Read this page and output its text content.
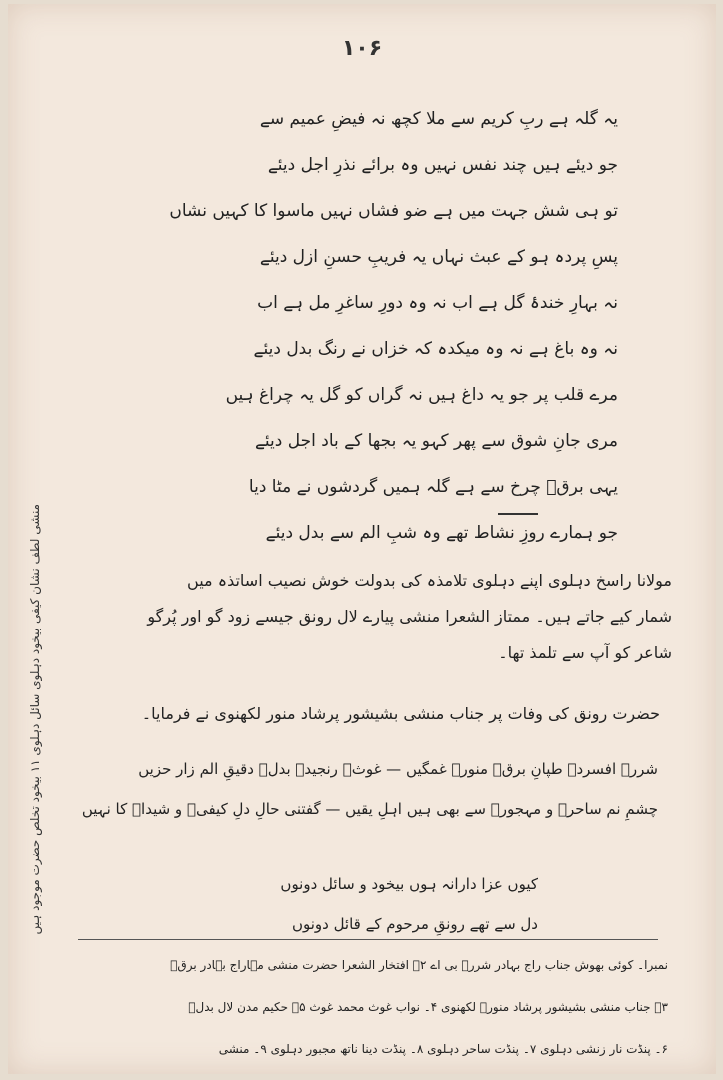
۱۰۶
یہ گلہ ہے ربِ کریم سے ملا کچھ نہ فیضِ عمیم سے
جو دیئے ہیں چند نفس نہیں وہ برائے نذرِ اجل دیئے
تو ہی شش جہت میں ہے ضو فشاں نہیں ماسوا کا کہیں نشاں
پسِ پردہ ہو کے عبث نہاں یہ فریبِ حسنِ ازل دیئے
نہ بہارِ خندۂ گل ہے اب نہ وہ دورِ ساغرِ مل ہے اب
نہ وہ باغ ہے نہ وہ میکدہ کہ خزاں نے رنگ بدل دیئے
مرے قلب پر جو یہ داغ ہیں نہ گراں کو گل یہ چراغ ہیں
مری جانِ شوق سے پھر کہو یہ بجھا کے باد اجل دیئے
یہی برقؔ چرخ سے ہے گلہ ہمیں گردشوں نے مٹا دیا
جو ہمارے روزِ نشاط تھے وہ شبِ الم سے بدل دیئے
مولانا راسخ دہلوی اپنے دہلوی تلامذہ کی بدولت خوش نصیب اساتذہ میں
شمار کیے جاتے ہیں۔ ممتاز الشعرا منشی پیارے لال رونق جیسے زود گو اور پُرگو
شاعر کو آپ سے تلمذ تھا۔
حضرت رونق کی وفات پر جناب منشی بشیشور پرشاد منور لکھنوی نے فرمایا۔
شررؔ افسردہ طپانِ برقؔ منورؔ غمگیں — غوثؔ رنجیدہ بدلؔ دقیقِ الم زار حزیں
چشمِ نم ساحرؔ و مہجورؔ سے بھی ہیں اہلِ یقیں — گفتنی حالِ دلِ کیفیؔ و شیداؔ کا نہیں
کیوں عزا دارانہ ہوں بیخود و سائل دونوں
دل سے تھے رونقِ مرحوم کے قائل دونوں
نمبرا۔ کوئی بھوش جناب راج بہادر شررؔ بی اے ۲۔ افتخار الشعرا حضرت منشی مہاراج بہادر برقؔ
۳۔ جناب منشی بشیشور پرشاد منورؔ لکھنوی ۴۔ نواب غوث محمد غوث ۵۔ حکیم مدن لال بدلؔ
۶۔ پنڈت نار زنشی دہلوی ۷۔ پنڈت ساحر دہلوی ۸۔ پنڈت دینا ناتھ مجبور دہلوی ۹۔ منشی
منشی لطف نشان کیفی بیخود دہلوی سائل دہلوی ۱۱ بیخود تخلص حضرت موجود ہیں
